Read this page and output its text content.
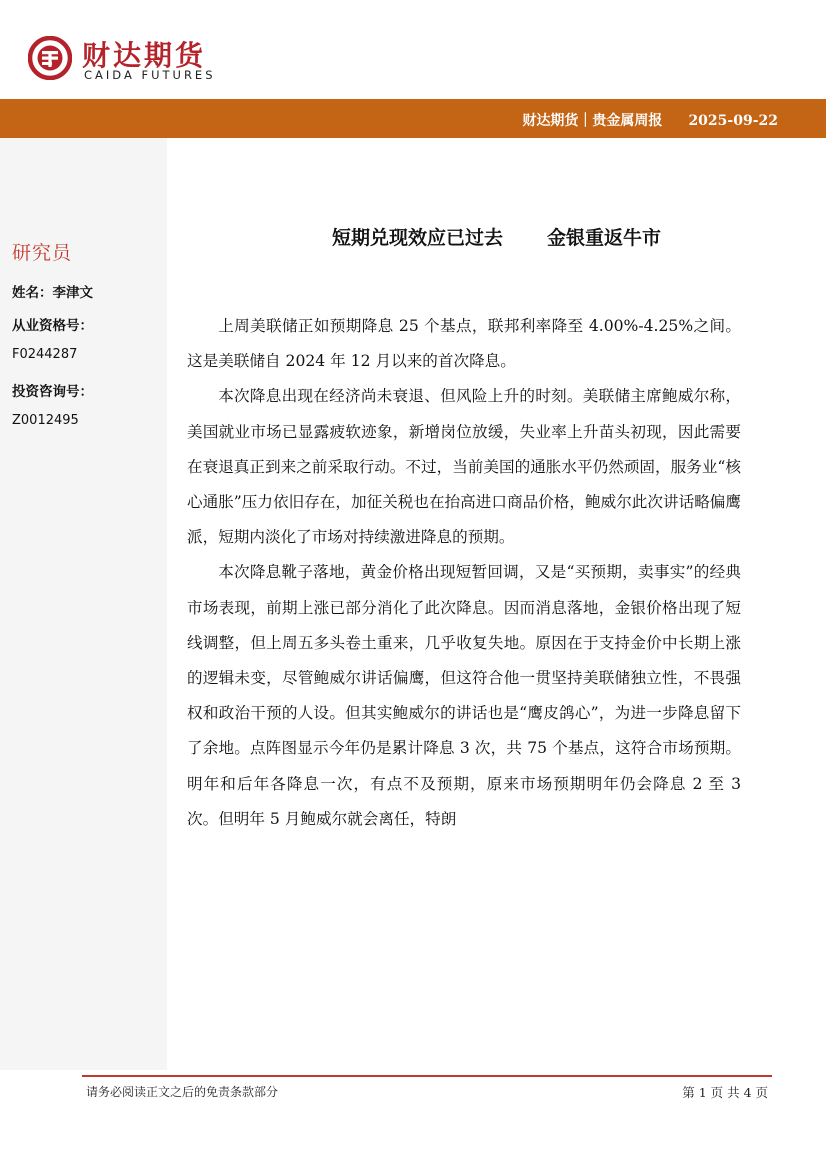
财达期货
CAIDA FUTURES
财达期货｜贵金属周报 2025-09-22
研究员
姓名：李津文
从业资格号：
F0244287
投资咨询号：
Z0012495
短期兑现效应已过去 金银重返牛市

上周美联储正如预期降息 25 个基点，联邦利率降至 4.00%-4.25%之间。这是美联储自 2024 年 12 月以来的首次降息。

本次降息出现在经济尚未衰退、但风险上升的时刻。美联储主席鲍威尔称，美国就业市场已显露疲软迹象，新增岗位放缓，失业率上升苗头初现，因此需要在衰退真正到来之前采取行动。不过，当前美国的通胀水平仍然顽固，服务业“核心通胀”压力依旧存在，加征关税也在抬高进口商品价格，鲍威尔此次讲话略偏鹰派，短期内淡化了市场对持续激进降息的预期。

本次降息靴子落地，黄金价格出现短暂回调，又是“买预期，卖事实”的经典市场表现，前期上涨已部分消化了此次降息。因而消息落地，金银价格出现了短线调整，但上周五多头卷土重来，几乎收复失地。原因在于支持金价中长期上涨的逻辑未变，尽管鲍威尔讲话偏鹰，但这符合他一贯坚持美联储独立性，不畏强权和政治干预的人设。但其实鲍威尔的讲话也是“鹰皮鸽心”，为进一步降息留下了余地。点阵图显示今年仍是累计降息 3 次，共 75 个基点，这符合市场预期。明年和后年各降息一次，有点不及预期，原来市场预期明年仍会降息 2 至 3 次。但明年 5 月鲍威尔就会离任，特朗

请务必阅读正文之后的免责条款部分	第 1 页 共 4 页
